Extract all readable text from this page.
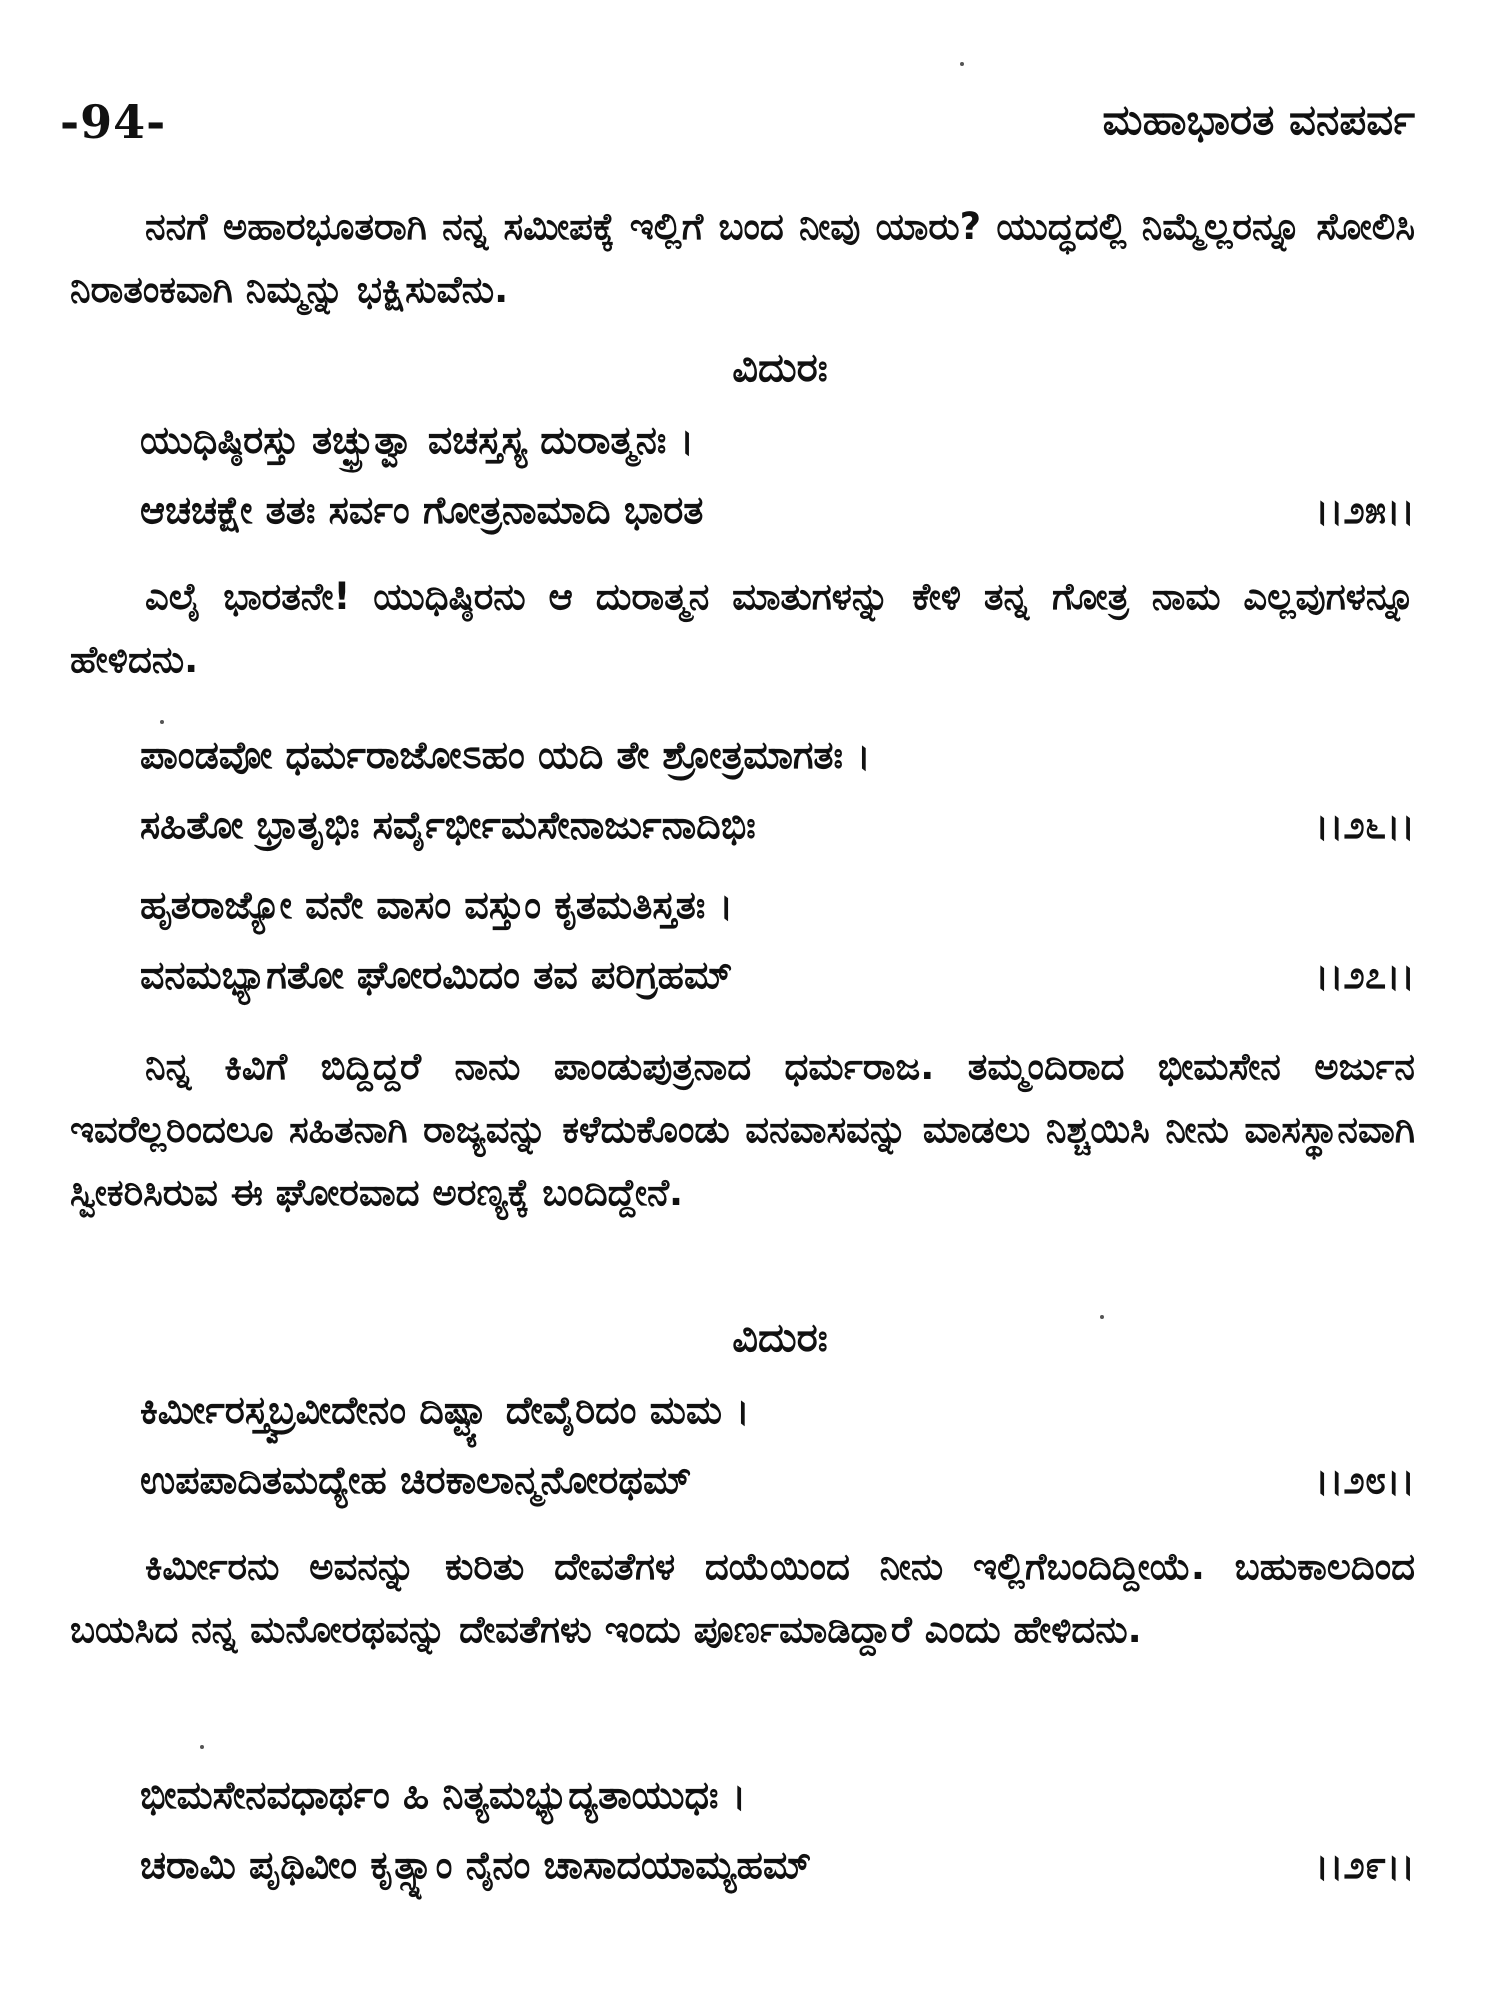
-94-	ಮಹಾಭಾರತ ವನಪರ್ವ

ನನಗೆ ಅಹಾರಭೂತರಾಗಿ ನನ್ನ ಸಮೀಪಕ್ಕೆ ಇಲ್ಲಿಗೆ ಬಂದ ನೀವು ಯಾರು? ಯುದ್ಧದಲ್ಲಿ ನಿಮ್ಮೆಲ್ಲರನ್ನೂ ಸೋಲಿಸಿ ನಿರಾತಂಕವಾಗಿ ನಿಮ್ಮನ್ನು ಭಕ್ಷಿಸುವೆನು.

ವಿದುರಃ
ಯುಧಿಷ್ಠಿರಸ್ತು ತಚ್ಛ್ರುತ್ವಾ ವಚಸ್ತಸ್ಯ ದುರಾತ್ಮನಃ ।
ಆಚಚಕ್ಷೇ ತತಃ ಸರ್ವಂ ಗೋತ್ರನಾಮಾದಿ ಭಾರತ	।।೨೫।।

ಎಲೈ ಭಾರತನೇ! ಯುಧಿಷ್ಠಿರನು ಆ ದುರಾತ್ಮನ ಮಾತುಗಳನ್ನು ಕೇಳಿ ತನ್ನ ಗೋತ್ರ ನಾಮ ಎಲ್ಲವುಗಳನ್ನೂ ಹೇಳಿದನು.

ಪಾಂಡವೋ ಧರ್ಮರಾಜೋಽಹಂ ಯದಿ ತೇ ಶ್ರೋತ್ರಮಾಗತಃ ।
ಸಹಿತೋ ಭ್ರಾತೃಭಿಃ ಸರ್ವೈರ್ಭೀಮಸೇನಾರ್ಜುನಾದಿಭಿಃ	।।೨೬।।
ಹೃತರಾಜ್ಯೋ ವನೇ ವಾಸಂ ವಸ್ತುಂ ಕೃತಮತಿಸ್ತತಃ ।
ವನಮಭ್ಯಾಗತೋ ಘೋರಮಿದಂ ತವ ಪರಿಗ್ರಹಮ್	।।೨೭।।

ನಿನ್ನ ಕಿವಿಗೆ ಬಿದ್ದಿದ್ದರೆ ನಾನು ಪಾಂಡುಪುತ್ರನಾದ ಧರ್ಮರಾಜ. ತಮ್ಮಂದಿರಾದ ಭೀಮಸೇನ ಅರ್ಜುನ ಇವರೆಲ್ಲರಿಂದಲೂ ಸಹಿತನಾಗಿ ರಾಜ್ಯವನ್ನು ಕಳೆದುಕೊಂಡು ವನವಾಸವನ್ನು ಮಾಡಲು ನಿಶ್ಚಯಿಸಿ ನೀನು ವಾಸಸ್ಥಾನವಾಗಿ ಸ್ವೀಕರಿಸಿರುವ ಈ ಘೋರವಾದ ಅರಣ್ಯಕ್ಕೆ ಬಂದಿದ್ದೇನೆ.

ವಿದುರಃ
ಕಿರ್ಮೀರಸ್ತ್ವಬ್ರವೀದೇನಂ ದಿಷ್ಟ್ಯಾ ದೇವೈರಿದಂ ಮಮ ।
ಉಪಪಾದಿತಮದ್ಯೇಹ ಚಿರಕಾಲಾನ್ಮನೋರಥಮ್	।।೨೮।।

ಕಿರ್ಮೀರನು ಅವನನ್ನು ಕುರಿತು ದೇವತೆಗಳ ದಯೆಯಿಂದ ನೀನು ಇಲ್ಲಿಗೆಬಂದಿದ್ದೀಯೆ. ಬಹುಕಾಲದಿಂದ ಬಯಸಿದ ನನ್ನ ಮನೋರಥವನ್ನು ದೇವತೆಗಳು ಇಂದು ಪೂರ್ಣಮಾಡಿದ್ದಾರೆ ಎಂದು ಹೇಳಿದನು.

ಭೀಮಸೇನವಧಾರ್ಥಂ ಹಿ ನಿತ್ಯಮಭ್ಯುದ್ಯತಾಯುಧಃ ।
ಚರಾಮಿ ಪೃಥಿವೀಂ ಕೃತ್ಸ್ನಾಂ ನೈನಂ ಚಾಸಾದಯಾಮ್ಯಹಮ್	।।೨೯।।
